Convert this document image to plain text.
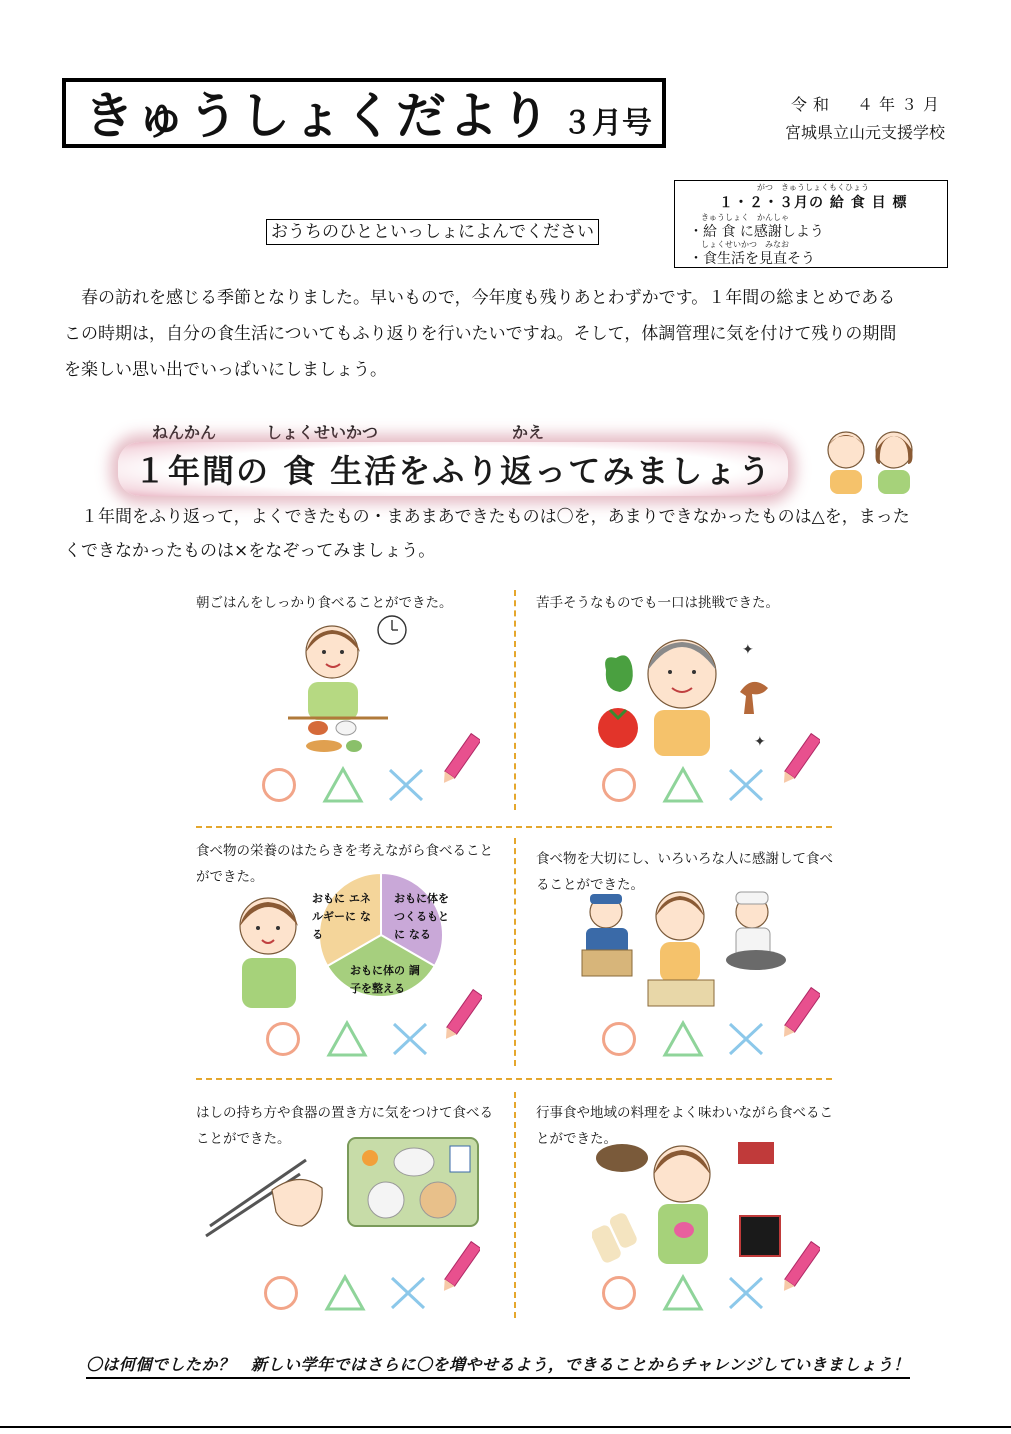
きゅうしょくだより ３月号
令和　４年３月
宮城県立山元支援学校
がつ　きゅうしょくもくひょう
１・２・３月の 給 食 目 標
きゅうしょく　かんしゃ
・給 食 に感謝しよう
しょくせいかつ　みなお
・食生活を見直そう
おうちのひとといっしょによんでください
春の訪れを感じる季節となりました。早いもので，今年度も残りあとわずかです。１年間の総まとめである
この時期は，自分の食生活についてもふり返りを行いたいですね。そして，体調管理に気を付けて残りの期間
を楽しい思い出でいっぱいにしましょう。
ねんかん	しょくせいかつ	かえ
１年間の 食 生活をふり返ってみましょう
１年間をふり返って，よくできたもの・まあまあできたものは〇を，あまりできなかったものは△を，まった
くできなかったものは×をなぞってみましょう。
朝ごはんをしっかり食べることができた。	苦手そうなものでも一口は挑戦できた。
✦
✦
食べ物の栄養のはたらきを考えながら食べることができた。
おもに エネルギーに なる
おもに体を つくるもとに なる
おもに体の 調子を整える
食べ物を大切にし、いろいろな人に感謝して食べることができた。
はしの持ち方や食器の置き方に気をつけて食べることができた。
行事食や地域の料理をよく味わいながら食べることができた。
〇は何個でしたか？　新しい学年ではさらに〇を増やせるよう，できることからチャレンジしていきましょう！
